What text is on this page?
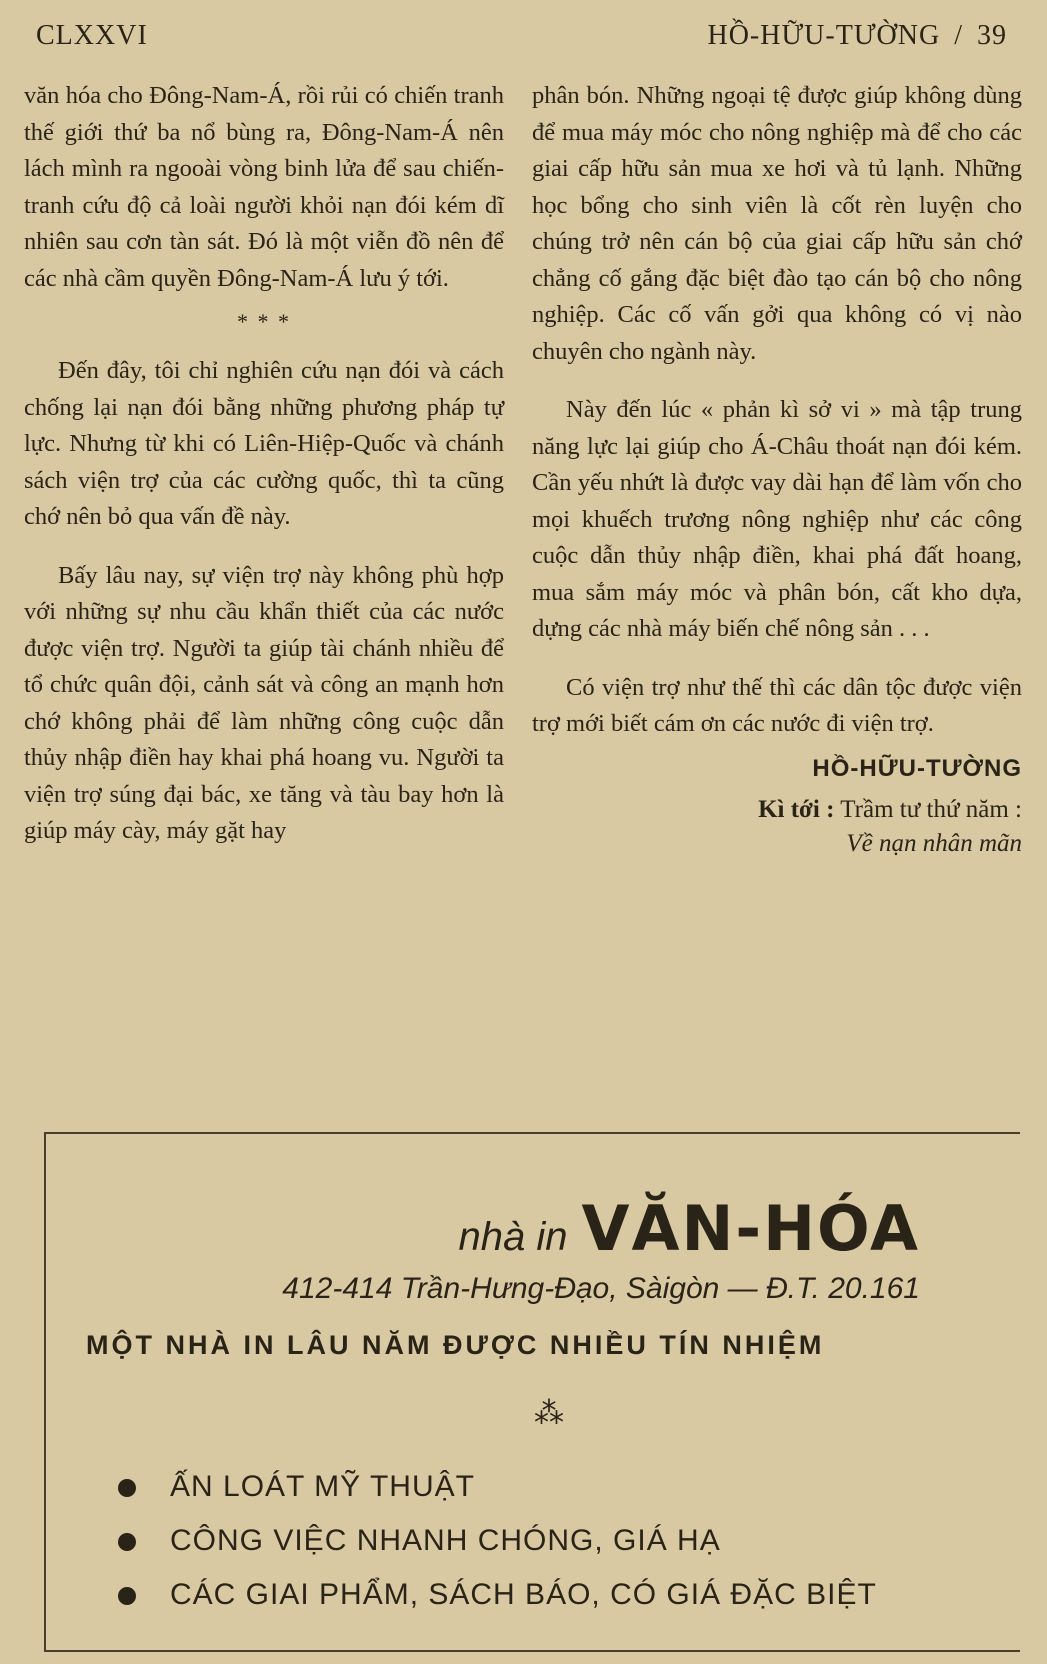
CLXXVI	HỒ-HỮU-TƯỜNG / 39

văn hóa cho Đông-Nam-Á, rồi rủi có chiến tranh thế giới thứ ba nổ bùng ra, Đông-Nam-Á nên lách mình ra ngooài vòng binh lửa để sau chiến-tranh cứu độ cả loài người khỏi nạn đói kém dĩ nhiên sau cơn tàn sát. Đó là một viễn đồ nên để các nhà cầm quyền Đông-Nam-Á lưu ý tới.

* * *

Đến đây, tôi chỉ nghiên cứu nạn đói và cách chống lại nạn đói bằng những phương pháp tự lực. Nhưng từ khi có Liên-Hiệp-Quốc và chánh sách viện trợ của các cường quốc, thì ta cũng chớ nên bỏ qua vấn đề này.

Bấy lâu nay, sự viện trợ này không phù hợp với những sự nhu cầu khẩn thiết của các nước được viện trợ. Người ta giúp tài chánh nhiều để tổ chức quân đội, cảnh sát và công an mạnh hơn chớ không phải để làm những công cuộc dẫn thủy nhập điền hay khai phá hoang vu. Người ta viện trợ súng đại bác, xe tăng và tàu bay hơn là giúp máy cày, máy gặt hay

phân bón. Những ngoại tệ được giúp không dùng để mua máy móc cho nông nghiệp mà để cho các giai cấp hữu sản mua xe hơi và tủ lạnh. Những học bổng cho sinh viên là cốt rèn luyện cho chúng trở nên cán bộ của giai cấp hữu sản chớ chẳng cố gắng đặc biệt đào tạo cán bộ cho nông nghiệp. Các cố vấn gởi qua không có vị nào chuyên cho ngành này.

Này đến lúc « phản kì sở vi » mà tập trung năng lực lại giúp cho Á-Châu thoát nạn đói kém. Cần yếu nhứt là được vay dài hạn để làm vốn cho mọi khuếch trương nông nghiệp như các công cuộc dẫn thủy nhập điền, khai phá đất hoang, mua sắm máy móc và phân bón, cất kho dựa, dựng các nhà máy biến chế nông sản . . .

Có viện trợ như thế thì các dân tộc được viện trợ mới biết cám ơn các nước đi viện trợ.

HỒ-HỮU-TƯỜNG
Kì tới : Trầm tư thứ năm :
Về nạn nhân mãn
nhà in VĂN-HÓA
412-414 Trần-Hưng-Đạo, Sàigòn — Đ.T. 20.161
MỘT NHÀ IN LÂU NĂM ĐƯỢC NHIỀU TÍN NHIỆM
⁂
ẤN LOÁT MỸ THUẬT
CÔNG VIỆC NHANH CHÓNG, GIÁ HẠ
CÁC GIAI PHẨM, SÁCH BÁO, CÓ GIÁ ĐẶC BIỆT
